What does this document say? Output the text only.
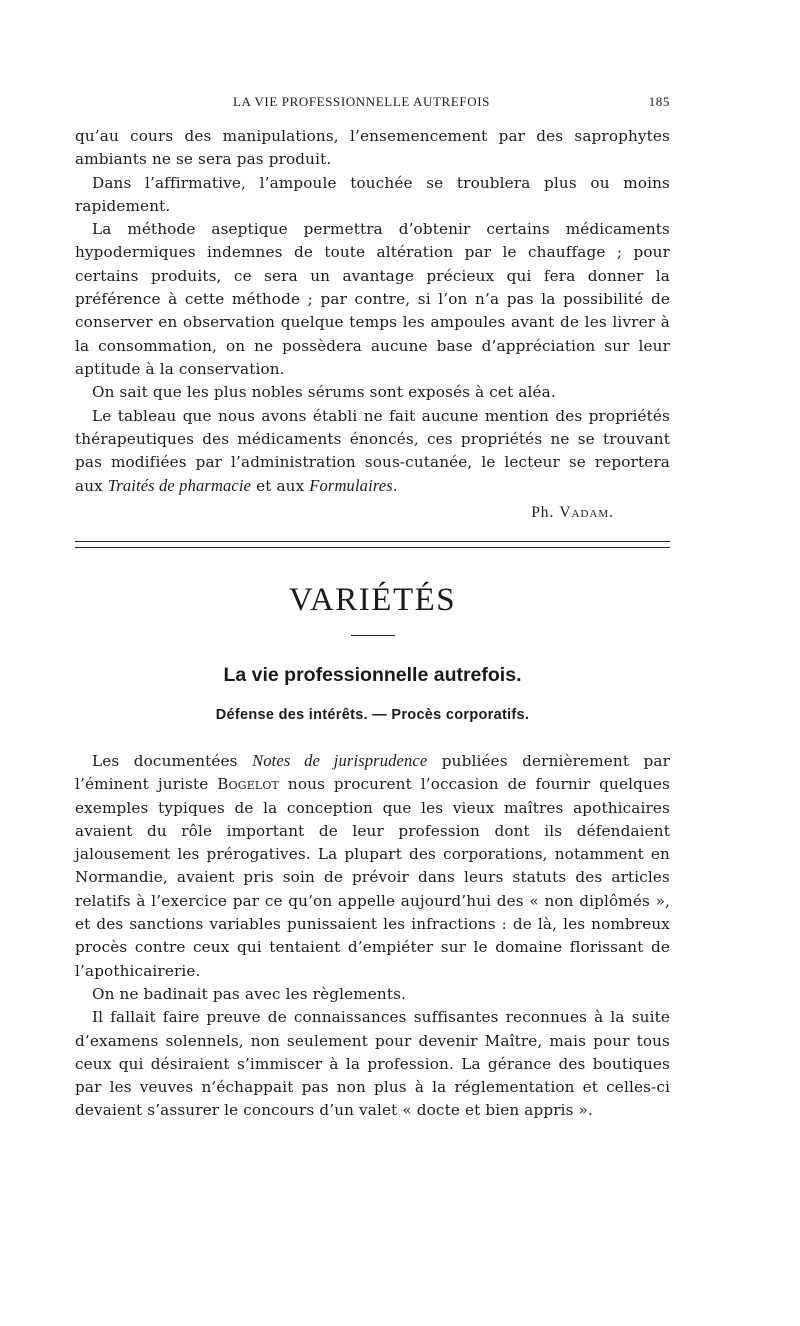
LA VIE PROFESSIONNELLE AUTREFOIS	185

qu’au cours des manipulations, l’ensemencement par des saprophytes ambiants ne se sera pas produit.

Dans l’affirmative, l’ampoule touchée se troublera plus ou moins rapidement.

La méthode aseptique permettra d’obtenir certains médicaments hypodermiques indemnes de toute altération par le chauffage ; pour certains produits, ce sera un avantage précieux qui fera donner la préférence à cette méthode ; par contre, si l’on n’a pas la possibilité de conserver en observation quelque temps les ampoules avant de les livrer à la consommation, on ne possèdera aucune base d’appréciation sur leur aptitude à la conservation.

On sait que les plus nobles sérums sont exposés à cet aléa.

Le tableau que nous avons établi ne fait aucune mention des propriétés thérapeutiques des médicaments énoncés, ces propriétés ne se trouvant pas modifiées par l’administration sous-cutanée, le lecteur se reportera aux Traités de pharmacie et aux Formulaires.

Ph. Vadam.

VARIÉTÉS
La vie professionnelle autrefois.
Défense des intérêts. — Procès corporatifs.

Les documentées Notes de jurisprudence publiées dernièrement par l’éminent juriste Bogelot nous procurent l’occasion de fournir quelques exemples typiques de la conception que les vieux maîtres apothicaires avaient du rôle important de leur profession dont ils défendaient jalousement les prérogatives. La plupart des corporations, notamment en Normandie, avaient pris soin de prévoir dans leurs statuts des articles relatifs à l’exercice par ce qu’on appelle aujourd’hui des « non diplômés », et des sanctions variables punissaient les infractions : de là, les nombreux procès contre ceux qui tentaient d’empiéter sur le domaine florissant de l’apothicairerie.

On ne badinait pas avec les règlements.

Il fallait faire preuve de connaissances suffisantes reconnues à la suite d’examens solennels, non seulement pour devenir Maître, mais pour tous ceux qui désiraient s’immiscer à la profession. La gérance des boutiques par les veuves n’échappait pas non plus à la réglementation et celles-ci devaient s’assurer le concours d’un valet « docte et bien appris ».
